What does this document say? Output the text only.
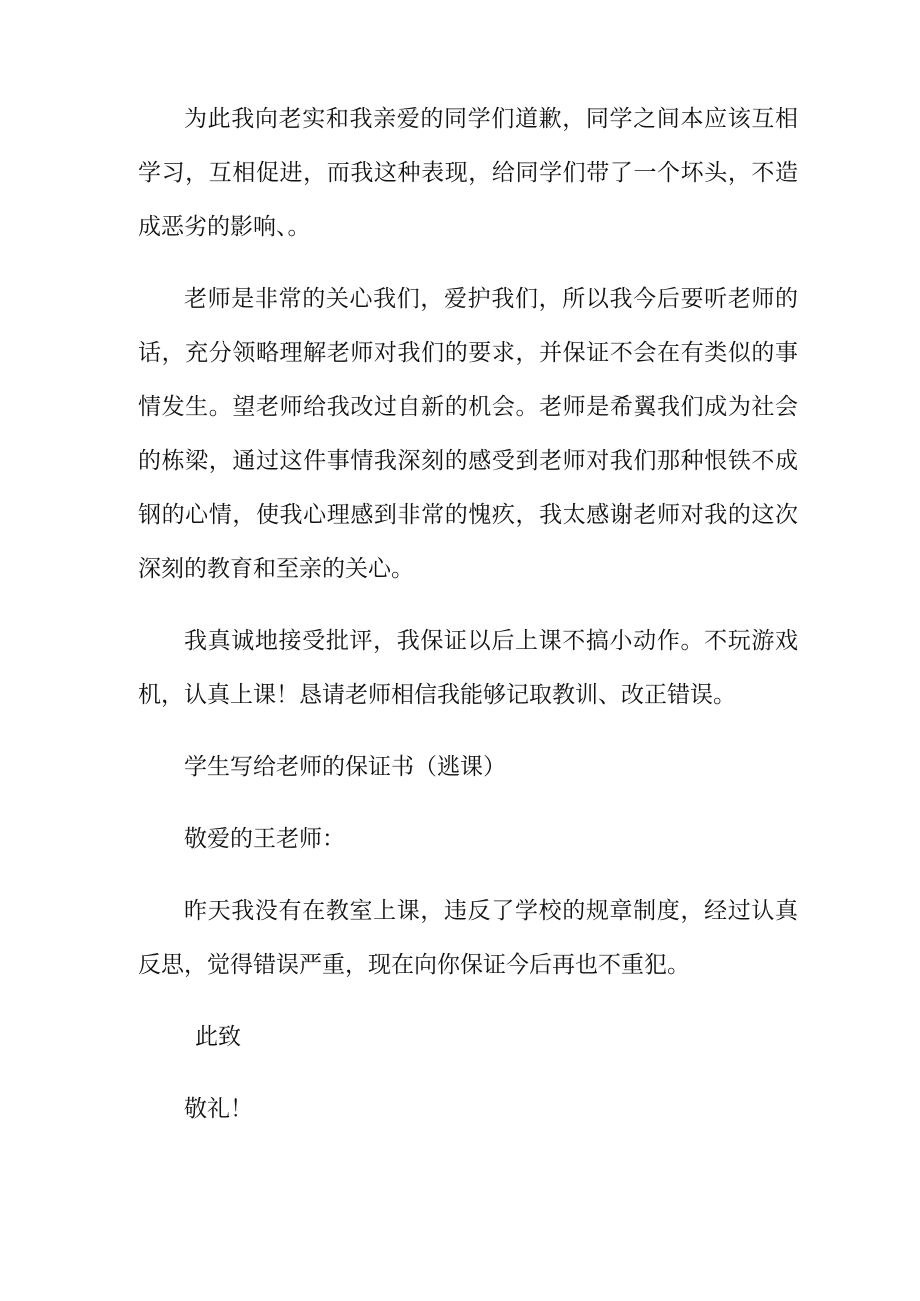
为此我向老实和我亲爱的同学们道歉，同学之间本应该互相学习，互相促进，而我这种表现，给同学们带了一个坏头，不造成恶劣的影响、。

老师是非常的关心我们，爱护我们，所以我今后要听老师的话，充分领略理解老师对我们的要求，并保证不会在有类似的事情发生。望老师给我改过自新的机会。老师是希翼我们成为社会的栋梁，通过这件事情我深刻的感受到老师对我们那种恨铁不成钢的心情，使我心理感到非常的愧疚，我太感谢老师对我的这次深刻的教育和至亲的关心。

我真诚地接受批评，我保证以后上课不搞小动作。不玩游戏机，认真上课！恳请老师相信我能够记取教训、改正错误。

学生写给老师的保证书（逃课）

敬爱的王老师：

昨天我没有在教室上课，违反了学校的规章制度，经过认真反思，觉得错误严重，现在向你保证今后再也不重犯。

此致

敬礼！
